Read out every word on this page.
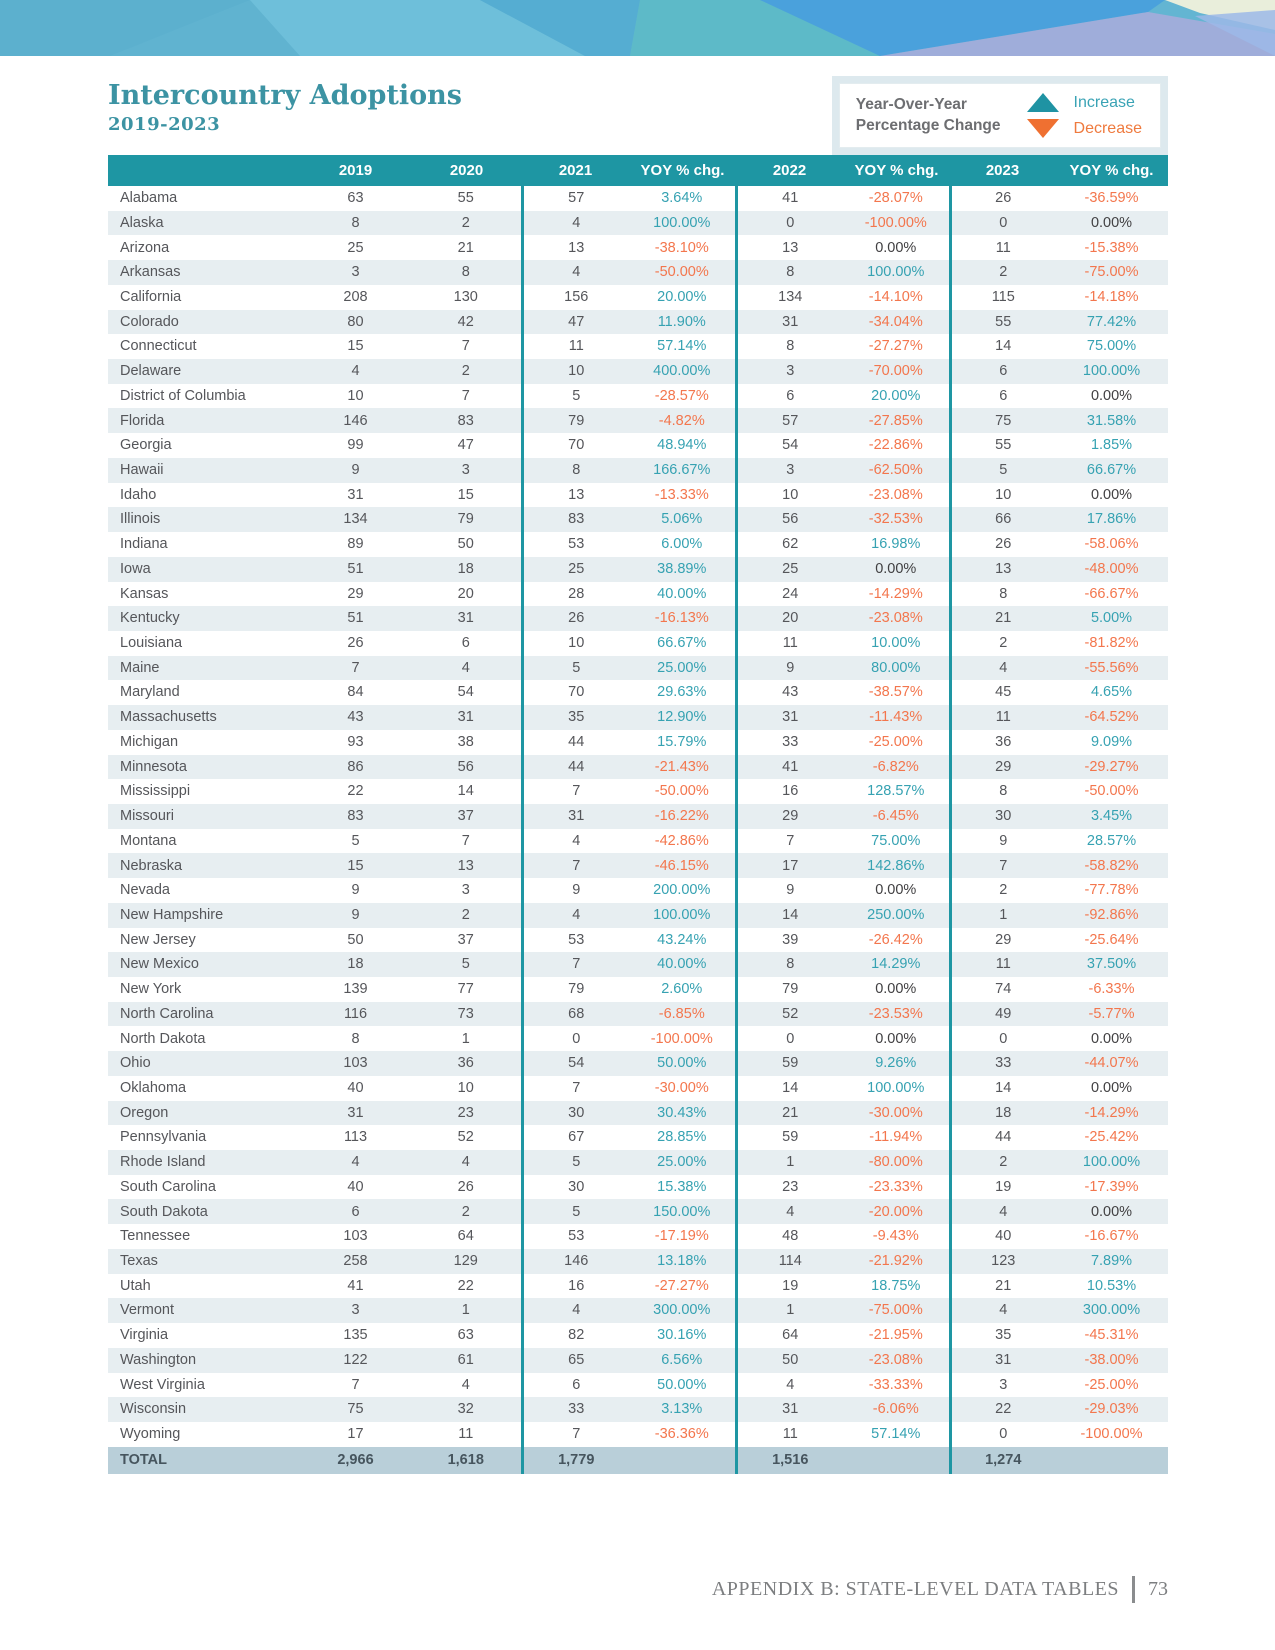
Intercountry Adoptions
2019-2023
Year-Over-Year
Percentage Change
Increase
Decrease
	2019	2020	2021	YOY % chg.	2022	YOY % chg.	2023	YOY % chg.
Alabama	63	55	57	3.64%	41	-28.07%	26	-36.59%
Alaska	8	2	4	100.00%	0	-100.00%	0	0.00%
Arizona	25	21	13	-38.10%	13	0.00%	11	-15.38%
Arkansas	3	8	4	-50.00%	8	100.00%	2	-75.00%
California	208	130	156	20.00%	134	-14.10%	115	-14.18%
Colorado	80	42	47	11.90%	31	-34.04%	55	77.42%
Connecticut	15	7	11	57.14%	8	-27.27%	14	75.00%
Delaware	4	2	10	400.00%	3	-70.00%	6	100.00%
District of Columbia	10	7	5	-28.57%	6	20.00%	6	0.00%
Florida	146	83	79	-4.82%	57	-27.85%	75	31.58%
Georgia	99	47	70	48.94%	54	-22.86%	55	1.85%
Hawaii	9	3	8	166.67%	3	-62.50%	5	66.67%
Idaho	31	15	13	-13.33%	10	-23.08%	10	0.00%
Illinois	134	79	83	5.06%	56	-32.53%	66	17.86%
Indiana	89	50	53	6.00%	62	16.98%	26	-58.06%
Iowa	51	18	25	38.89%	25	0.00%	13	-48.00%
Kansas	29	20	28	40.00%	24	-14.29%	8	-66.67%
Kentucky	51	31	26	-16.13%	20	-23.08%	21	5.00%
Louisiana	26	6	10	66.67%	11	10.00%	2	-81.82%
Maine	7	4	5	25.00%	9	80.00%	4	-55.56%
Maryland	84	54	70	29.63%	43	-38.57%	45	4.65%
Massachusetts	43	31	35	12.90%	31	-11.43%	11	-64.52%
Michigan	93	38	44	15.79%	33	-25.00%	36	9.09%
Minnesota	86	56	44	-21.43%	41	-6.82%	29	-29.27%
Mississippi	22	14	7	-50.00%	16	128.57%	8	-50.00%
Missouri	83	37	31	-16.22%	29	-6.45%	30	3.45%
Montana	5	7	4	-42.86%	7	75.00%	9	28.57%
Nebraska	15	13	7	-46.15%	17	142.86%	7	-58.82%
Nevada	9	3	9	200.00%	9	0.00%	2	-77.78%
New Hampshire	9	2	4	100.00%	14	250.00%	1	-92.86%
New Jersey	50	37	53	43.24%	39	-26.42%	29	-25.64%
New Mexico	18	5	7	40.00%	8	14.29%	11	37.50%
New York	139	77	79	2.60%	79	0.00%	74	-6.33%
North Carolina	116	73	68	-6.85%	52	-23.53%	49	-5.77%
North Dakota	8	1	0	-100.00%	0	0.00%	0	0.00%
Ohio	103	36	54	50.00%	59	9.26%	33	-44.07%
Oklahoma	40	10	7	-30.00%	14	100.00%	14	0.00%
Oregon	31	23	30	30.43%	21	-30.00%	18	-14.29%
Pennsylvania	113	52	67	28.85%	59	-11.94%	44	-25.42%
Rhode Island	4	4	5	25.00%	1	-80.00%	2	100.00%
South Carolina	40	26	30	15.38%	23	-23.33%	19	-17.39%
South Dakota	6	2	5	150.00%	4	-20.00%	4	0.00%
Tennessee	103	64	53	-17.19%	48	-9.43%	40	-16.67%
Texas	258	129	146	13.18%	114	-21.92%	123	7.89%
Utah	41	22	16	-27.27%	19	18.75%	21	10.53%
Vermont	3	1	4	300.00%	1	-75.00%	4	300.00%
Virginia	135	63	82	30.16%	64	-21.95%	35	-45.31%
Washington	122	61	65	6.56%	50	-23.08%	31	-38.00%
West Virginia	7	4	6	50.00%	4	-33.33%	3	-25.00%
Wisconsin	75	32	33	3.13%	31	-6.06%	22	-29.03%
Wyoming	17	11	7	-36.36%	11	57.14%	0	-100.00%
TOTAL	2,966	1,618	1,779		1,516		1,274	
APPENDIX B: STATE-LEVEL DATA TABLES 73
